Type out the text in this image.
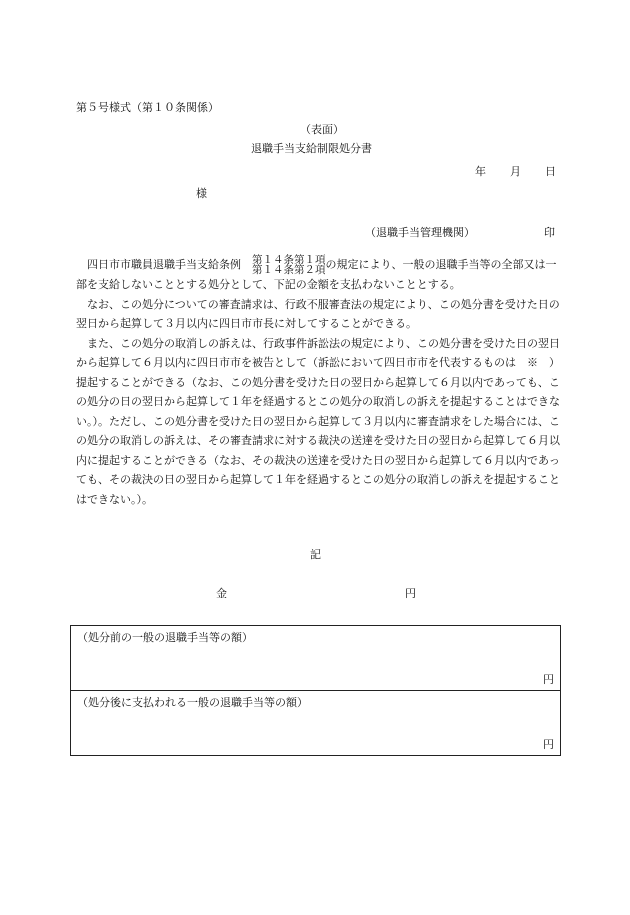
第５号様式（第１０条関係）
（表面）
退職手当支給制限処分書
年 月 日
様
（退職手当管理機関）	印

四日市市職員退職手当支給条例	第１４条第１項
第１４条第２項 の規定により、一般の退職手当等の全部又は一部を支給しないこととする処分として、下記の金額を支払わないこととする。

なお、この処分についての審査請求は、行政不服審査法の規定により、この処分書を受けた日の翌日から起算して３月以内に四日市市長に対してすることができる。

また、この処分の取消しの訴えは、行政事件訴訟法の規定により、この処分書を受けた日の翌日から起算して６月以内に四日市市を被告として（訴訟において四日市市を代表するものは　※　）提起することができる（なお、この処分書を受けた日の翌日から起算して６月以内であっても、この処分の日の翌日から起算して１年を経過するとこの処分の取消しの訴えを提起することはできない。）。ただし、この処分書を受けた日の翌日から起算して３月以内に審査請求をした場合には、この処分の取消しの訴えは、その審査請求に対する裁決の送達を受けた日の翌日から起算して６月以内に提起することができる（なお、その裁決の送達を受けた日の翌日から起算して６月以内であっても、その裁決の日の翌日から起算して１年を経過するとこの処分の取消しの訴えを提起することはできない。）。

記
金	円
（処分前の一般の退職手当等の額）
円

（処分後に支払われる一般の退職手当等の額）
円
